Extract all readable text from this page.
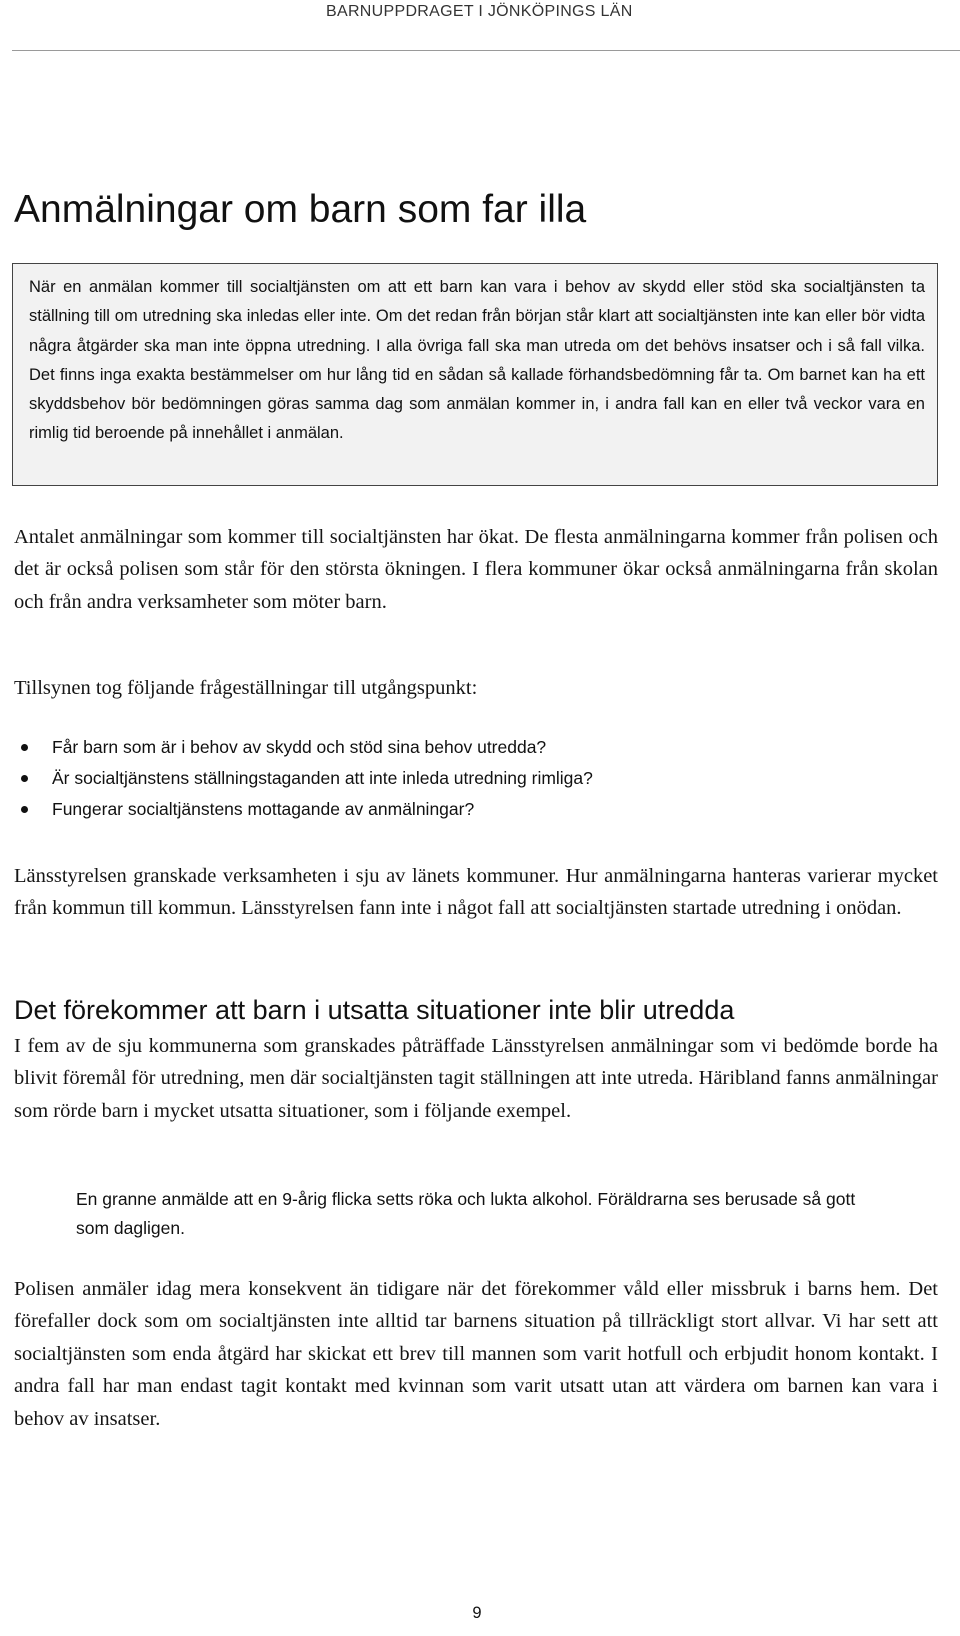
BARNUPPDRAGET I JÖNKÖPINGS LÄN
Anmälningar om barn som far illa

När en anmälan kommer till socialtjänsten om att ett barn kan vara i behov av skydd eller stöd ska socialtjänsten ta ställning till om utredning ska inledas eller inte. Om det redan från början står klart att socialtjänsten inte kan eller bör vidta några åtgärder ska man inte öppna utredning. I alla övriga fall ska man utreda om det behövs insatser och i så fall vilka. Det finns inga exakta bestämmelser om hur lång tid en sådan så kallade förhandsbedömning får ta. Om barnet kan ha ett skyddsbehov bör bedömningen göras samma dag som anmälan kommer in, i andra fall kan en eller två veckor vara en rimlig tid beroende på innehållet i anmälan.

Antalet anmälningar som kommer till socialtjänsten har ökat. De flesta anmälningarna kommer från polisen och det är också polisen som står för den största ökningen. I flera kommuner ökar också anmälningarna från skolan och från andra verksamheter som möter barn.

Tillsynen tog följande frågeställningar till utgångspunkt:

Får barn som är i behov av skydd och stöd sina behov utredda?
Är socialtjänstens ställningstaganden att inte inleda utredning rimliga?
Fungerar socialtjänstens mottagande av anmälningar?

Länsstyrelsen granskade verksamheten i sju av länets kommuner. Hur anmälningarna hanteras varierar mycket från kommun till kommun. Länsstyrelsen fann inte i något fall att socialtjänsten startade utredning i onödan.

Det förekommer att barn i utsatta situationer inte blir utredda

I fem av de sju kommunerna som granskades påträffade Länsstyrelsen anmälningar som vi bedömde borde ha blivit föremål för utredning, men där socialtjänsten tagit ställningen att inte utreda. Häribland fanns anmälningar som rörde barn i mycket utsatta situationer, som i följande exempel.

En granne anmälde att en 9-årig flicka setts röka och lukta alkohol. Föräldrarna ses berusade så gott som dagligen.

Polisen anmäler idag mera konsekvent än tidigare när det förekommer våld eller missbruk i barns hem. Det förefaller dock som om socialtjänsten inte alltid tar barnens situation på tillräckligt stort allvar. Vi har sett att socialtjänsten som enda åtgärd har skickat ett brev till mannen som varit hotfull och erbjudit honom kontakt. I andra fall har man endast tagit kontakt med kvinnan som varit utsatt utan att värdera om barnen kan vara i behov av insatser.

9
